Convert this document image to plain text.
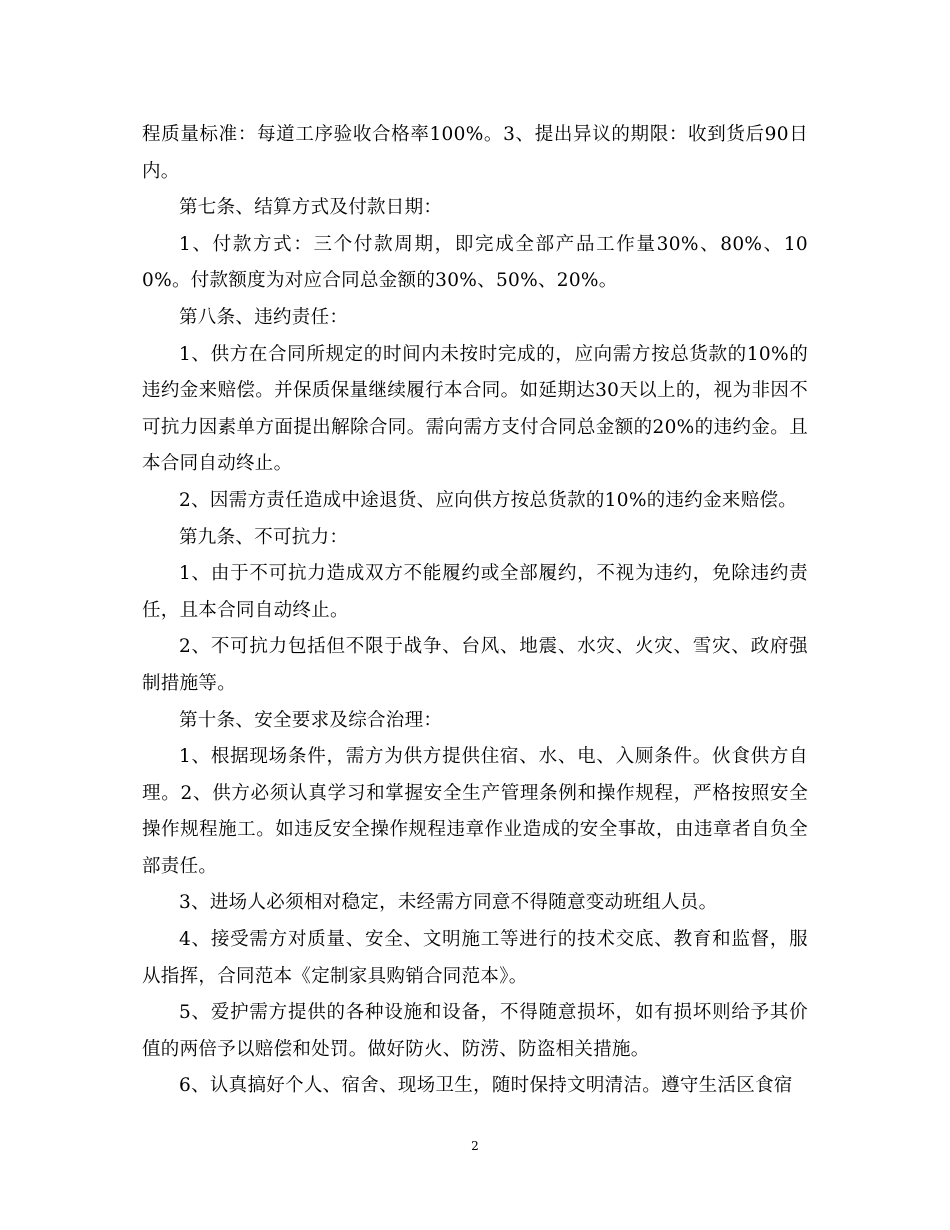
程质量标准：每道工序验收合格率100%。3、提出异议的期限：收到货后90日内。

第七条、结算方式及付款日期：

1、付款方式：三个付款周期，即完成全部产品工作量30%、80%、100%。付款额度为对应合同总金额的30%、50%、20%。

第八条、违约责任：

1、供方在合同所规定的时间内未按时完成的，应向需方按总货款的10%的违约金来赔偿。并保质保量继续履行本合同。如延期达30天以上的，视为非因不可抗力因素单方面提出解除合同。需向需方支付合同总金额的20%的违约金。且本合同自动终止。

2、因需方责任造成中途退货、应向供方按总货款的10%的违约金来赔偿。

第九条、不可抗力：

1、由于不可抗力造成双方不能履约或全部履约，不视为违约，免除违约责任，且本合同自动终止。

2、不可抗力包括但不限于战争、台风、地震、水灾、火灾、雪灾、政府强制措施等。

第十条、安全要求及综合治理：

1、根据现场条件，需方为供方提供住宿、水、电、入厕条件。伙食供方自理。2、供方必须认真学习和掌握安全生产管理条例和操作规程，严格按照安全操作规程施工。如违反安全操作规程违章作业造成的安全事故，由违章者自负全部责任。

3、进场人必须相对稳定，未经需方同意不得随意变动班组人员。

4、接受需方对质量、安全、文明施工等进行的技术交底、教育和监督，服从指挥，合同范本《定制家具购销合同范本》。

5、爱护需方提供的各种设施和设备，不得随意损坏，如有损坏则给予其价值的两倍予以赔偿和处罚。做好防火、防涝、防盗相关措施。

6、认真搞好个人、宿舍、现场卫生，随时保持文明清洁。遵守生活区食宿

2
